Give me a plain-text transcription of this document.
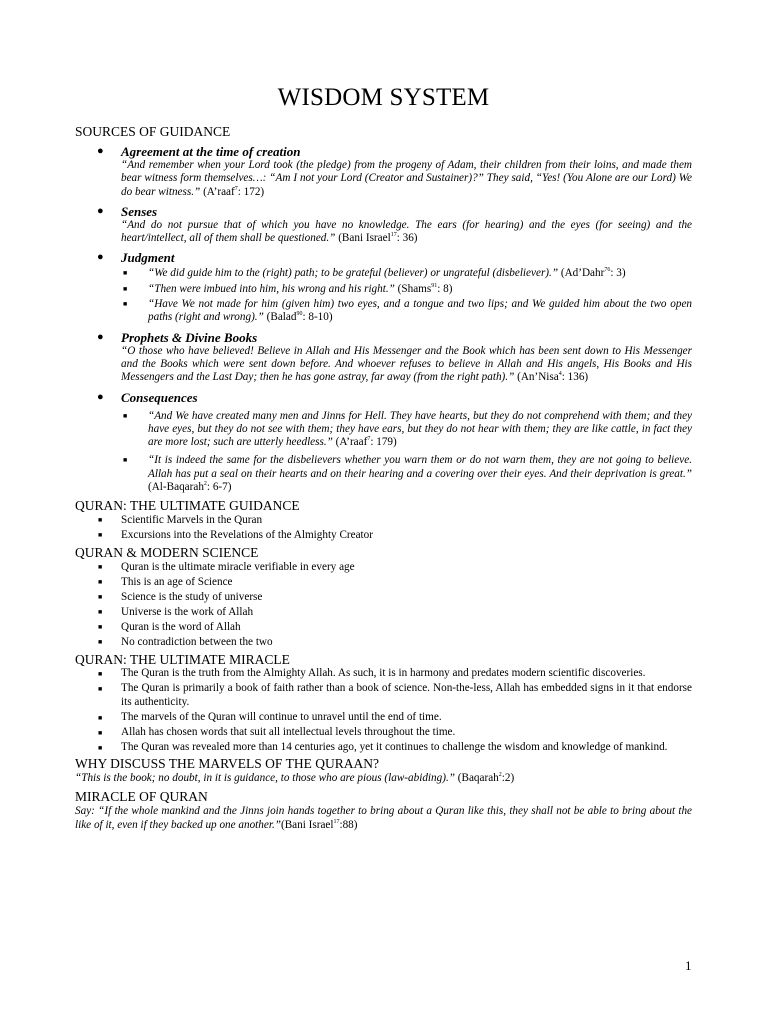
WISDOM SYSTEM
SOURCES OF GUIDANCE
● Agreement at the time of creation
“And remember when your Lord took (the pledge) from the progeny of Adam, their children from their loins, and made them bear witness form themselves…: “Am I not your Lord (Creator and Sustainer)?” They said, “Yes! (You Alone are our Lord) We do bear witness.” (A’raaf$^7$: 172)
● Senses
“And do not pursue that of which you have no knowledge. The ears (for hearing) and the eyes (for seeing) and the heart/intellect, all of them shall be questioned.” (Bani Israel$^{17}$: 36)
● Judgment
■ “We did guide him to the (right) path; to be grateful (believer) or ungrateful (disbeliever).” (Ad’Dahr$^{76}$: 3)
■ “Then were imbued into him, his wrong and his right.” (Shams$^{91}$: 8)
■ “Have We not made for him (given him) two eyes, and a tongue and two lips; and We guided him about the two open paths (right and wrong).” (Balad$^{90}$: 8-10)
● Prophets & Divine Books
“O those who have believed! Believe in Allah and His Messenger and the Book which has been sent down to His Messenger and the Books which were sent down before. And whoever refuses to believe in Allah and His angels, His Books and His Messengers and the Last Day; then he has gone astray, far away (from the right path).” (An’Nisa$^4$: 136)
● Consequences
■ “And We have created many men and Jinns for Hell. They have hearts, but they do not comprehend with them; and they have eyes, but they do not see with them; they have ears, but they do not hear with them; they are like cattle, in fact they are more lost; such are utterly heedless.” (A’raaf$^7$: 179)
■ “It is indeed the same for the disbelievers whether you warn them or do not warn them, they are not going to believe. Allah has put a seal on their hearts and on their hearing and a covering over their eyes. And their deprivation is great.” (Al-Baqarah$^2$: 6-7)
QURAN: THE ULTIMATE GUIDANCE
■ Scientific Marvels in the Quran
■ Excursions into the Revelations of the Almighty Creator
QURAN & MODERN SCIENCE
■ Quran is the ultimate miracle verifiable in every age
■ This is an age of Science
■ Science is the study of universe
■ Universe is the work of Allah
■ Quran is the word of Allah
■ No contradiction between the two
QURAN: THE ULTIMATE MIRACLE
■ The Quran is the truth from the Almighty Allah. As such, it is in harmony and predates modern scientific discoveries.
■ The Quran is primarily a book of faith rather than a book of science. Non-the-less, Allah has embedded signs in it that endorse its authenticity.
■ The marvels of the Quran will continue to unravel until the end of time.
■ Allah has chosen words that suit all intellectual levels throughout the time.
■ The Quran was revealed more than 14 centuries ago, yet it continues to challenge the wisdom and knowledge of mankind.
WHY DISCUSS THE MARVELS OF THE QURAAN?
“This is the book; no doubt, in it is guidance, to those who are pious (law-abiding).” (Baqarah$^2$:2)
MIRACLE OF QURAN
Say: “If the whole mankind and the Jinns join hands together to bring about a Quran like this, they shall not be able to bring about the like of it, even if they backed up one another.”(Bani Israel$^{17}$:88)
1
